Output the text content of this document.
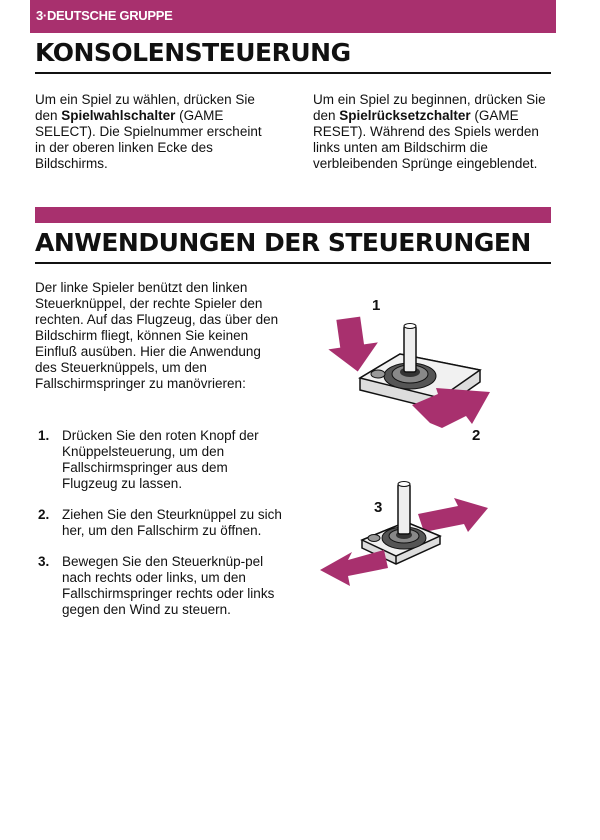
3·DEUTSCHE GRUPPE
KONSOLENSTEUERUNG

Um ein Spiel zu wählen, drücken Sie den Spielwahlschalter (GAME SELECT). Die Spielnummer erscheint in der oberen linken Ecke des Bildschirms.

Um ein Spiel zu beginnen, drücken Sie den Spielrücksetzchalter (GAME RESET). Während des Spiels werden links unten am Bildschirm die verbleibenden Sprünge eingeblendet.

ANWENDUNGEN DER STEUERUNGEN

Der linke Spieler benützt den linken Steuerknüppel, der rechte Spieler den rechten. Auf das Flugzeug, das über den Bildschirm fliegt, können Sie keinen Einfluß ausüben. Hier die Anwendung des Steuerknüppels, um den Fallschirmspringer zu manövrieren:

1. Drücken Sie den roten Knopf der Knüppelsteuerung, um den Fallschirmspringer aus dem Flugzeug zu lassen.
2. Ziehen Sie den Steurknüppel zu sich her, um den Fallschirm zu öffnen.
3. Bewegen Sie den Steuerknüp-pel nach rechts oder links, um den Fallschirmspringer rechts oder links gegen den Wind zu steuern.
1
2
3
